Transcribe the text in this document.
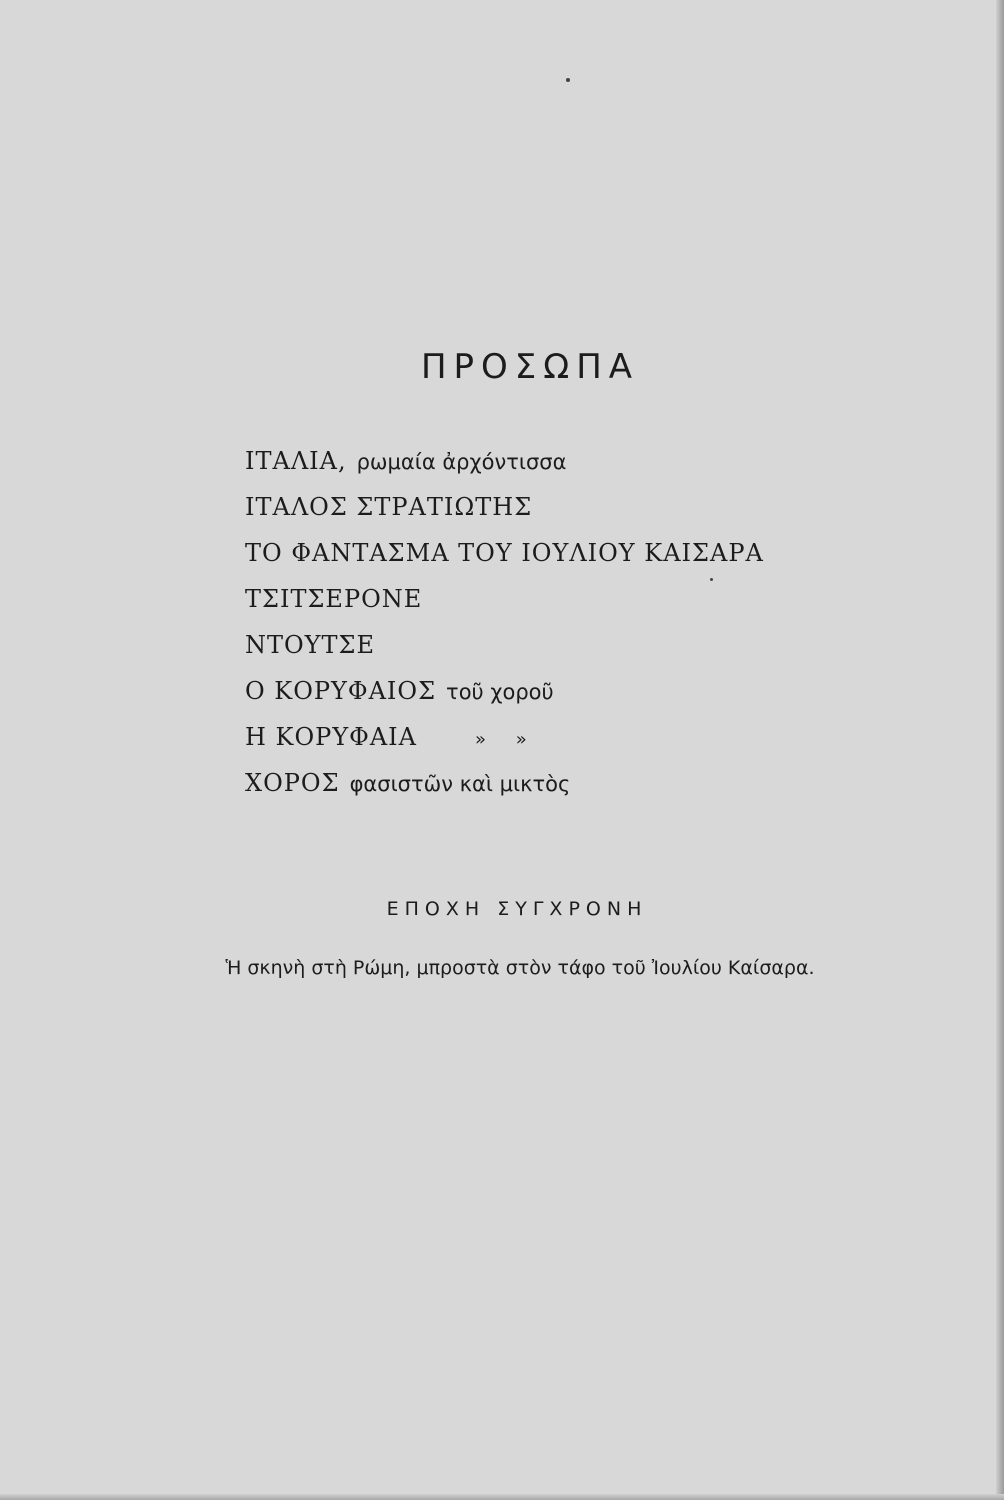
ΠΡΟΣΩΠΑ
ΙΤΑΛΙΑ, ρωμαία ἀρχόντισσα
ΙΤΑΛΟΣ ΣΤΡΑΤΙΩΤΗΣ
ΤΟ ΦΑΝΤΑΣΜΑ ΤΟΥ ΙΟΥΛΙΟΥ ΚΑΙΣΑΡΑ
ΤΣΙΤΣΕΡΟΝΕ
ΝΤΟΥΤΣΕ
Ο ΚΟΡΥΦΑΙΟΣ τοῦ χοροῦ
Η ΚΟΡΥΦΑΙΑ	» »
ΧΟΡΟΣ φασιστῶν καὶ μικτὸς
ΕΠΟΧΗ ΣΥΓΧΡΟΝΗ
Ἡ σκηνὴ στὴ Ρώμη, μπροστὰ στὸν τάφο τοῦ Ἰουλίου Καίσαρα.
